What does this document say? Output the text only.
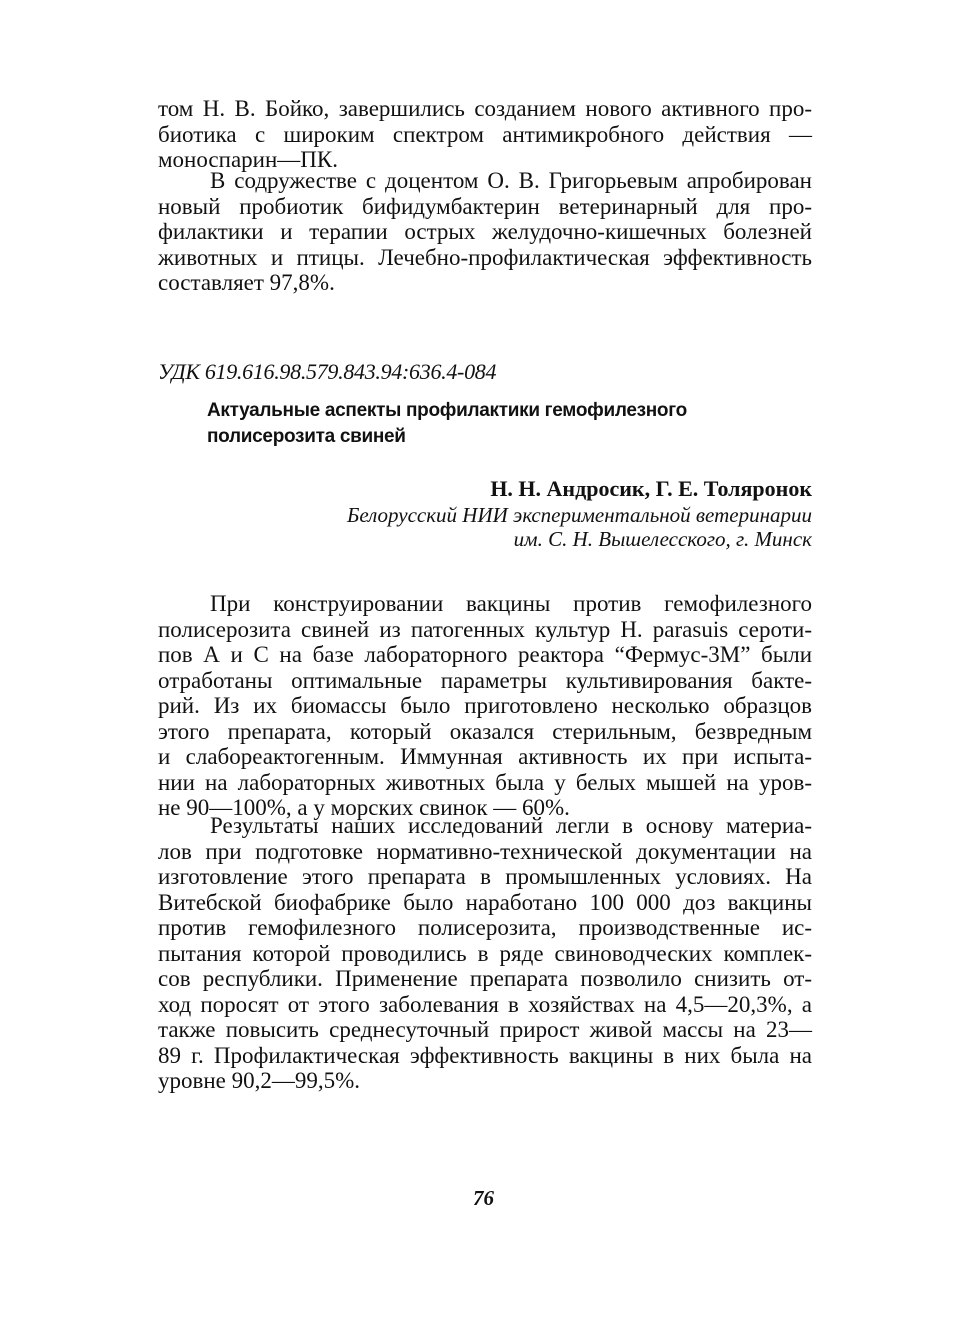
том Н. В. Бойко, завершились созданием нового активного про-
биотика с широким спектром антимикробного действия —
моноспарин—ПК.
В содружестве с доцентом О. В. Григорьевым апробирован
новый пробиотик бифидумбактерин ветеринарный для про-
филактики и терапии острых желудочно-кишечных болезней
животных и птицы. Лечебно-профилактическая эффективность
составляет 97,8%.
УДК 619.616.98.579.843.94:636.4-084
Актуальные аспекты профилактики гемофилезного
полисерозита свиней
Н. Н. Андросик, Г. Е. Толяронок
Белорусский НИИ экспериментальной ветеринарии
им. С. Н. Вышелесского, г. Минск
При конструировании вакцины против гемофилезного
полисерозита свиней из патогенных культур H. parasuis серoти-
пов А и С на базе лабораторного реактора “Фермус-3М” были
отработаны оптимальные параметры культивирования бакте-
рий. Из их биомассы было приготовлено несколько образцов
этого препарата, который оказался стерильным, безвредным
и слабореактогенным. Иммунная активность их при испыта-
нии на лабораторных животных была у белых мышей на уров-
не 90—100%, а у морских свинок — 60%.
Результаты наших исследований легли в основу материа-
лов при подготовке нормативно-технической документации на
изготовление этого препарата в промышленных условиях. На
Витебской биофабрике было наработано 100 000 доз вакцины
против гемофилезного полисерозита, производственные ис-
пытания которой проводились в ряде свиноводческих комплек-
сов республики. Применение препарата позволило снизить от-
ход поросят от этого заболевания в хозяйствах на 4,5—20,3%, а
также повысить среднесуточный прирост живой массы на 23—
89 г. Профилактическая эффективность вакцины в них была на
уровне 90,2—99,5%.
76
